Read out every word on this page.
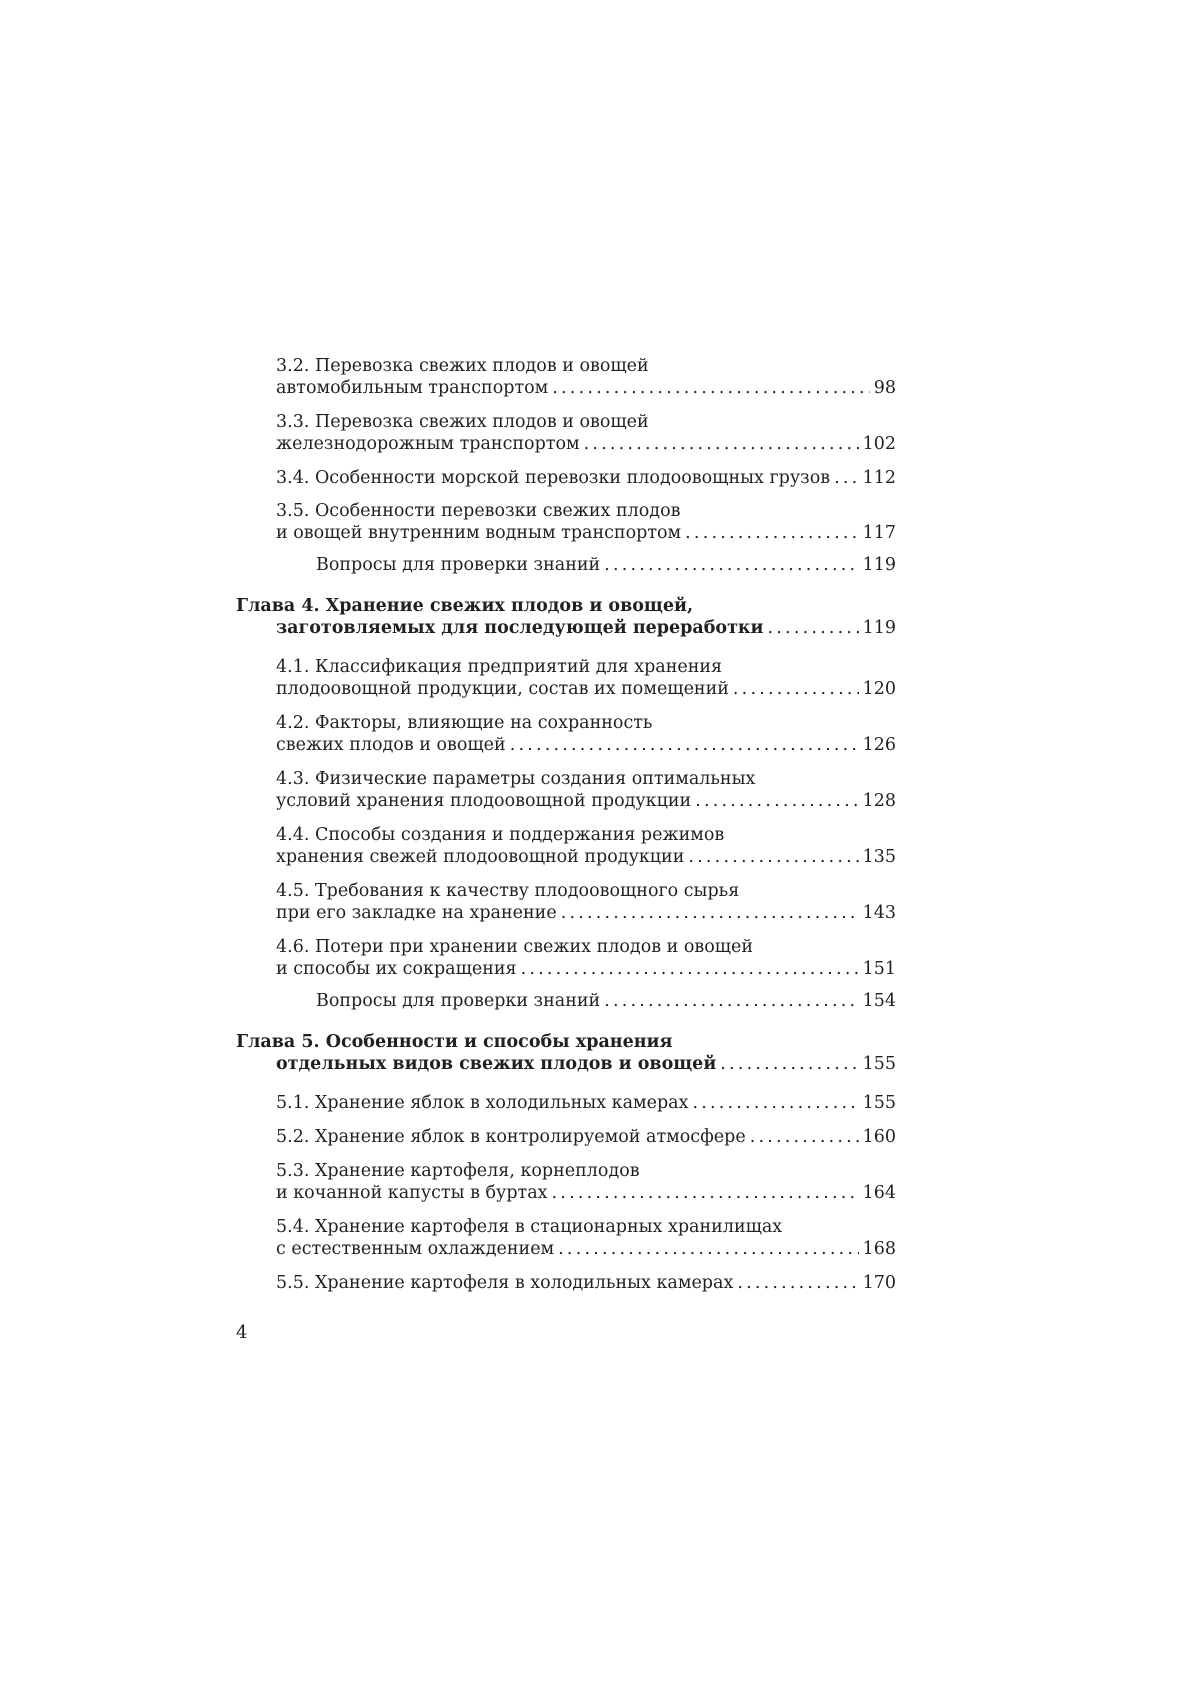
3.2. Перевозка свежих плодов и овощей
автомобильным транспортом .....	98
3.3. Перевозка свежих плодов и овощей
железнодорожным транспортом .....	102
3.4. Особенности морской перевозки плодоовощных грузов ..... 112
3.5. Особенности перевозки свежих плодов
и овощей внутренним водным транспортом .....	117
Вопросы для проверки знаний .....	119
Глава 4. Хранение свежих плодов и овощей,
заготовляемых для последующей переработки .....	119
4.1. Классификация предприятий для хранения
плодоовощной продукции, состав их помещений .....	120
4.2. Факторы, влияющие на сохранность
свежих плодов и овощей .....	126
4.3. Физические параметры создания оптимальных
условий хранения плодоовощной продукции .....	128
4.4. Способы создания и поддержания режимов
хранения свежей плодоовощной продукции .....	135
4.5. Требования к качеству плодоовощного сырья
при его закладке на хранение .....	143
4.6. Потери при хранении свежих плодов и овощей
и способы их сокращения .....	151
Вопросы для проверки знаний .....	154
Глава 5. Особенности и способы хранения
отдельных видов свежих плодов и овощей .....	155
5.1. Хранение яблок в холодильных камерах .....	155
5.2. Хранение яблок в контролируемой атмосфере .....	160
5.3. Хранение картофеля, корнеплодов
и кочанной капусты в буртах .....	164
5.4. Хранение картофеля в стационарных хранилищах
с естественным охлаждением .....	168
5.5. Хранение картофеля в холодильных камерах .....	170
4
